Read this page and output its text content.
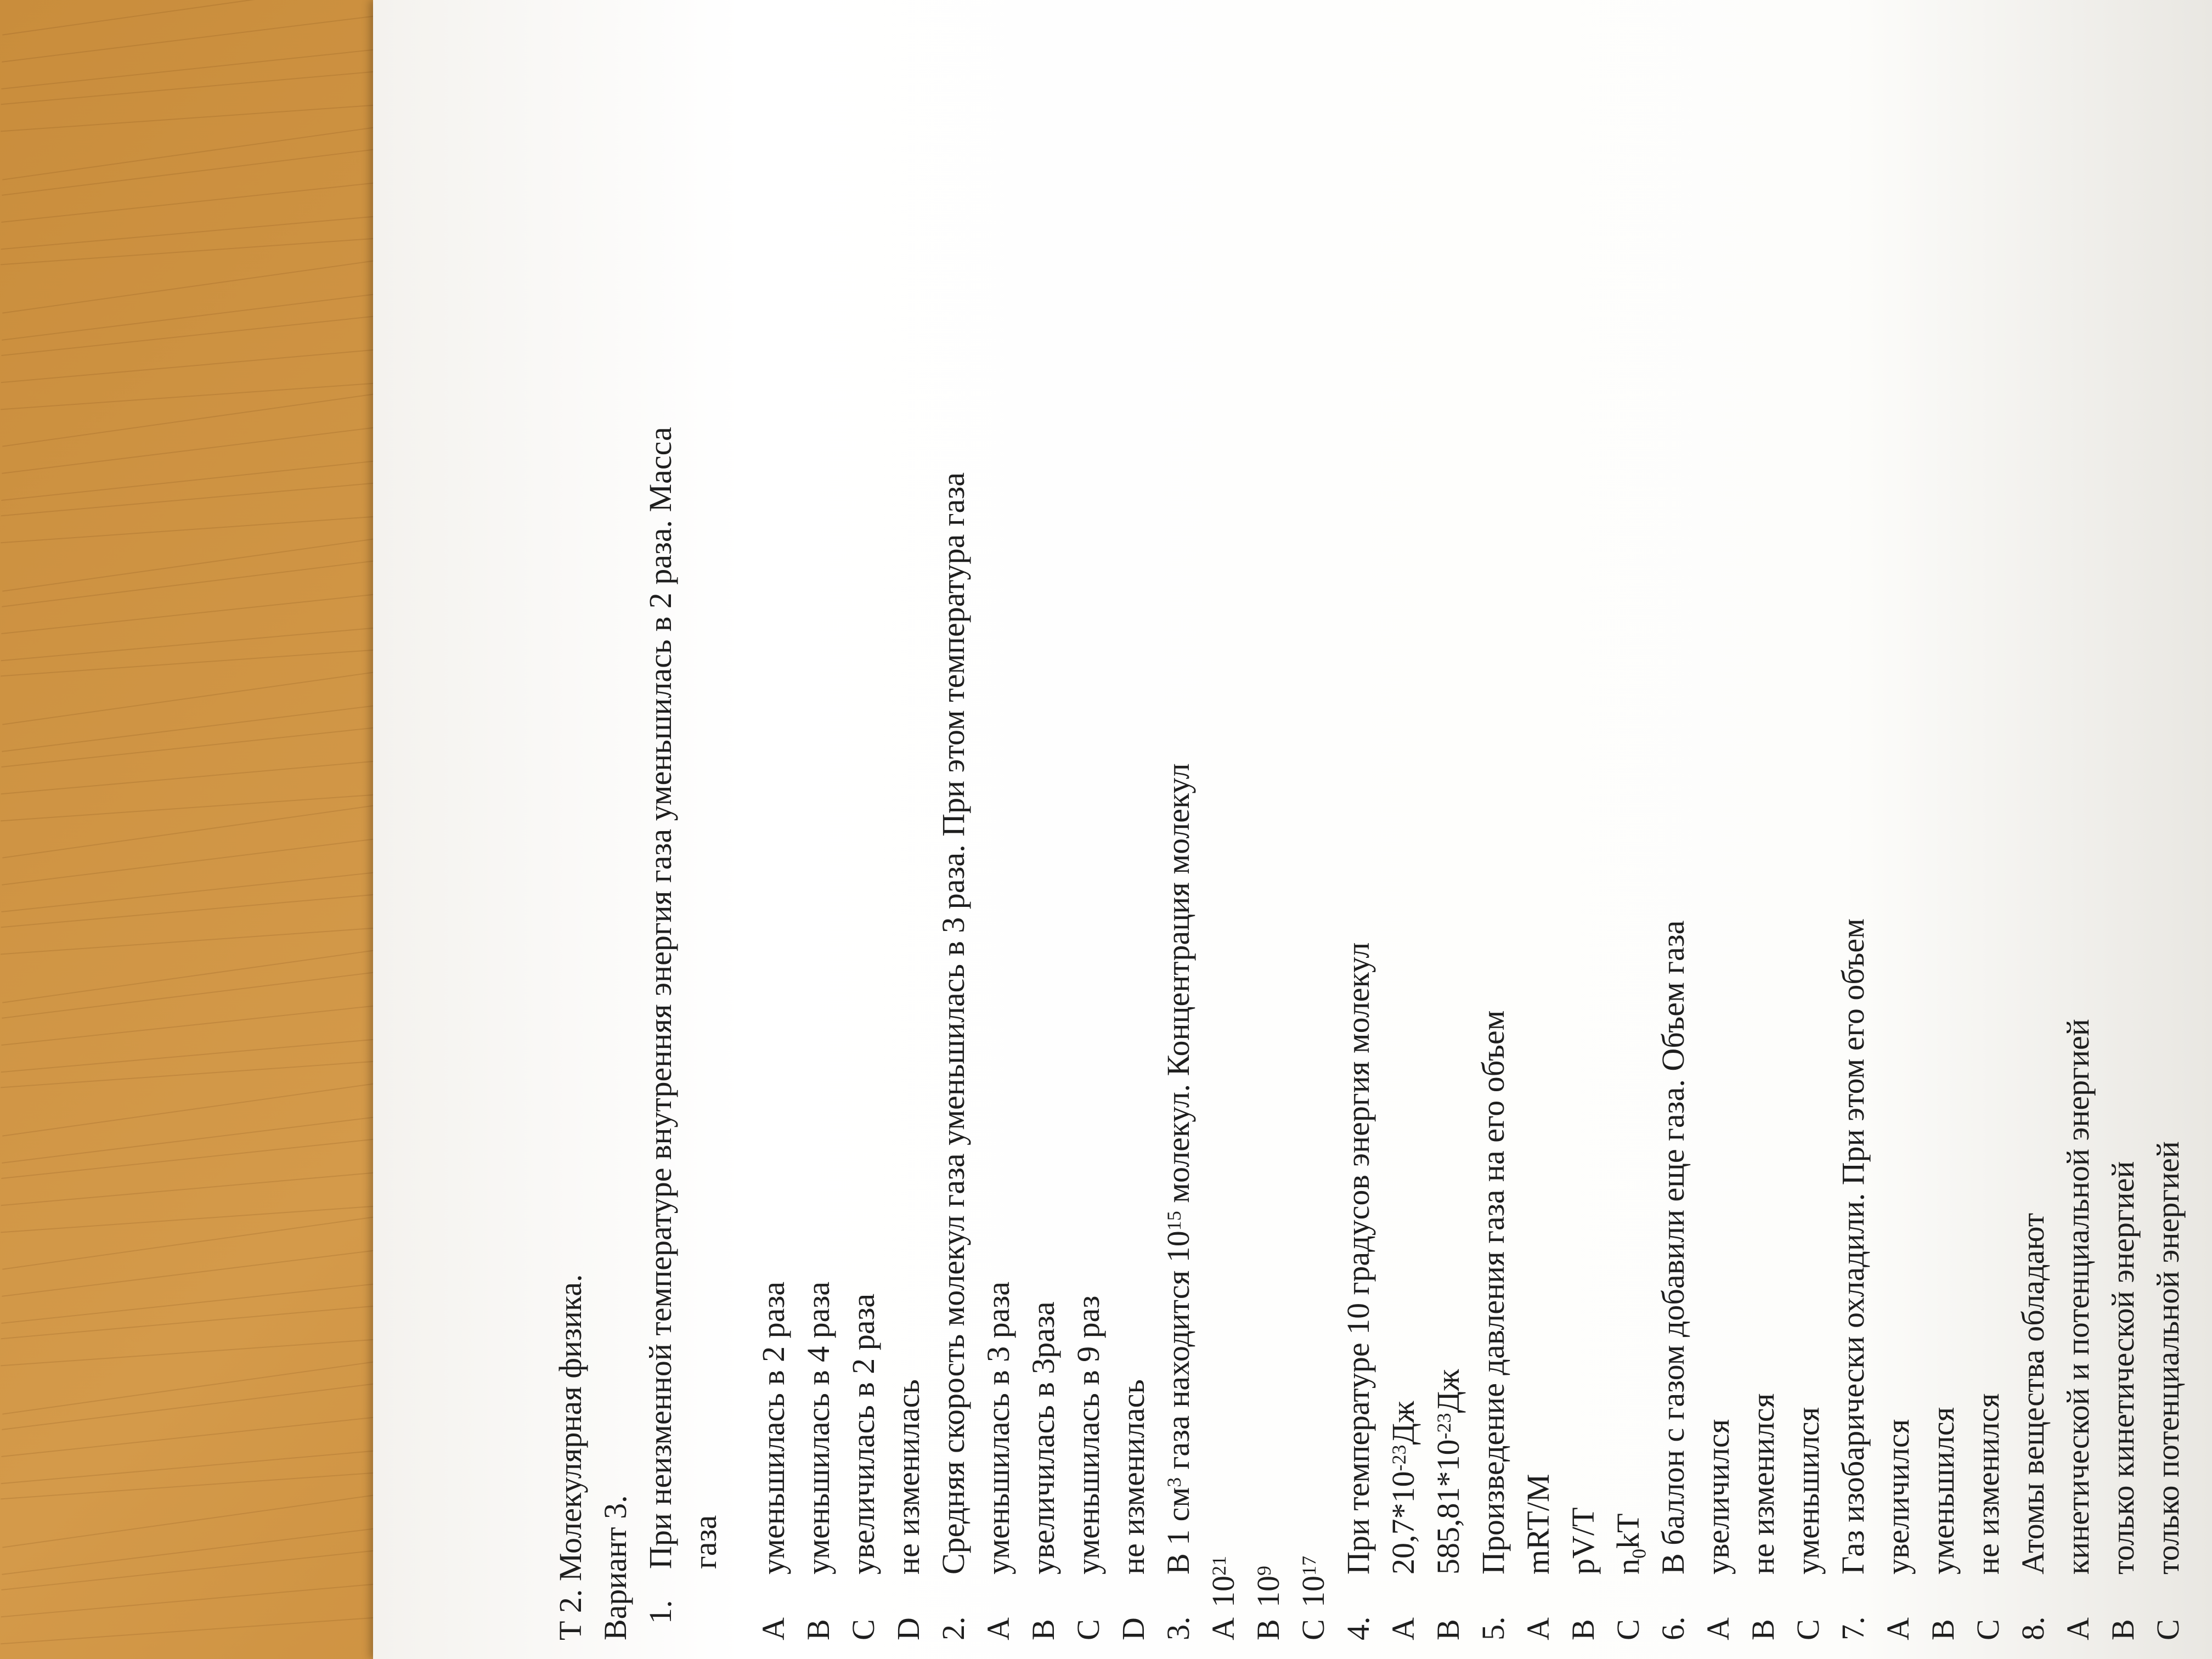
Т 2. Молекулярная физика. Вариант 3. 1.
При неизменной температуре внутренняя энергия газа уменьшилась в 2 раза. Масса газа
A
уменьшилась в 2 раза
B
уменьшилась в 4 раза
C
увеличилась в 2 раза
D
не изменилась
2.
Средняя скорость молекул газа уменьшилась в 3 раза. При этом температура газа
A
уменьшилась в 3 раза
B
увеличилась в 3раза
C
уменьшилась в 9 раз
D
не изменилась
3.
В 1 $см^3$ газа находится $10^{15}$ молекул. Концентрация молекул
A
$10^{21}$
B
$10^9$
C
$10^{17}$
4.
При температуре 10 градусов энергия молекул
A
$20,7*10^{-23}Дж$
B
$585,81*10^{-23}Дж$
5.
Произведение давления газа на его объем
A
mRT/M
B
pV/T
C
$n_0kT$
6.
В баллон с газом добавили еще газа. Объем газа
A
увеличился
B
не изменился
C
уменьшился
7.
Газ изобарически охладили. При этом его объем
A
увеличился
B
уменьшился
C
не изменился
8.
Атомы вещества обладают
A
кинетической и потенциальной энергией
B
только кинетической энергией
C
только потенциальной энергией
